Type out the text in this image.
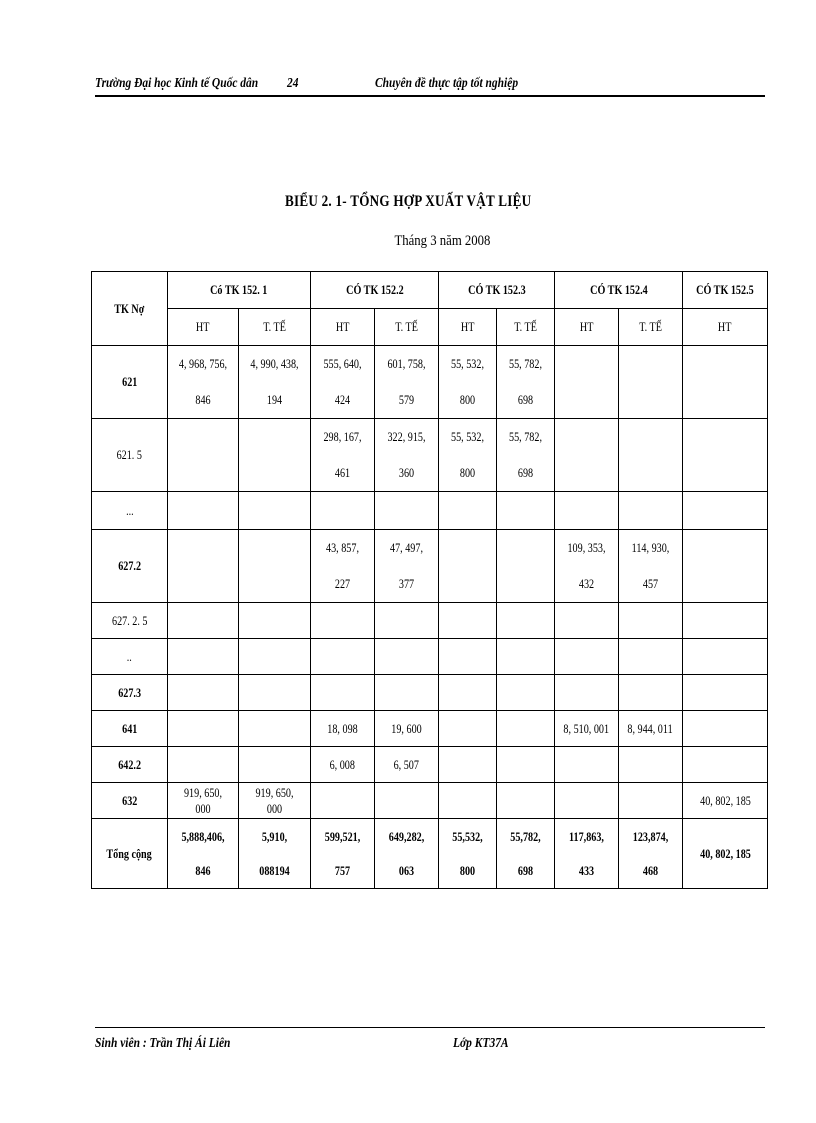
Trường Đại học Kinh tế Quốc dân 24	Chuyên đề thực tập tốt nghiệp
BIỂU 2. 1- TỔNG HỢP XUẤT VẬT LIỆU
Tháng 3 năm 2008
TK Nợ	Có TK 152. 1		CÓ TK 152.2		CÓ TK 152.3		CÓ TK 152.4		CÓ TK 152.5
	HT	T. TẾ	HT	T. TẾ	HT	T. TẾ	HT	T. TẾ	HT
621	4, 968, 756, 846	4, 990, 438, 194	555, 640, 424	601, 758, 579	55, 532, 800	55, 782, 698			
621. 5			298, 167, 461	322, 915, 360	55, 532, 800	55, 782, 698			
...									
627.2			43, 857, 227	47, 497, 377			109, 353, 432	114, 930, 457	
627. 2. 5									
..									
627.3									
641			18, 098	19, 600			8, 510, 001	8, 944, 011	
642.2			6, 008	6, 507					
632	919, 650, 000	919, 650, 000							40, 802, 185
Tổng cộng	5,888,406, 846	5,910, 088194	599,521, 757	649,282, 063	55,532, 800	55,782, 698	117,863, 433	123,874, 468	40, 802, 185
Sinh viên : Trần Thị Ái Liên	Lớp KT37A
